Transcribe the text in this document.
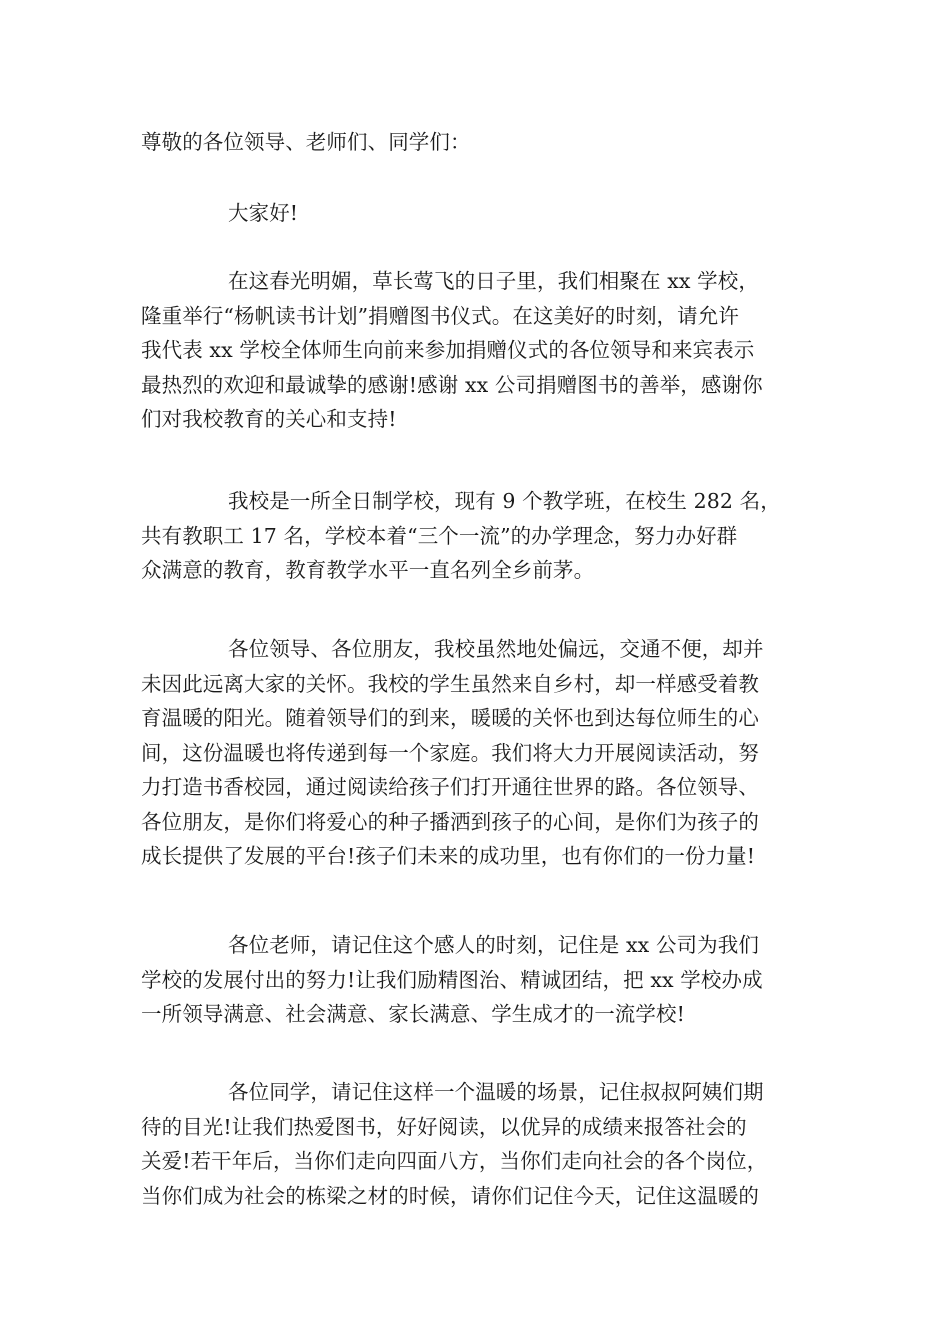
尊敬的各位领导、老师们、同学们：
大家好!
在这春光明媚，草长莺飞的日子里，我们相聚在 xx 学校，
隆重举行“杨帆读书计划”捐赠图书仪式。在这美好的时刻，请允许
我代表 xx 学校全体师生向前来参加捐赠仪式的各位领导和来宾表示
最热烈的欢迎和最诚挚的感谢!感谢 xx 公司捐赠图书的善举，感谢你
们对我校教育的关心和支持!
我校是一所全日制学校，现有 9 个教学班，在校生 282 名，
共有教职工 17 名，学校本着“三个一流”的办学理念，努力办好群
众满意的教育，教育教学水平一直名列全乡前茅。
各位领导、各位朋友，我校虽然地处偏远，交通不便，却并
未因此远离大家的关怀。我校的学生虽然来自乡村，却一样感受着教
育温暖的阳光。随着领导们的到来，暖暖的关怀也到达每位师生的心
间，这份温暖也将传递到每一个家庭。我们将大力开展阅读活动，努
力打造书香校园，通过阅读给孩子们打开通往世界的路。各位领导、
各位朋友，是你们将爱心的种子播洒到孩子的心间，是你们为孩子的
成长提供了发展的平台!孩子们未来的成功里，也有你们的一份力量!
各位老师，请记住这个感人的时刻，记住是 xx 公司为我们
学校的发展付出的努力!让我们励精图治、精诚团结，把 xx 学校办成
一所领导满意、社会满意、家长满意、学生成才的一流学校!
各位同学，请记住这样一个温暖的场景，记住叔叔阿姨们期
待的目光!让我们热爱图书，好好阅读，以优异的成绩来报答社会的
关爱!若干年后，当你们走向四面八方，当你们走向社会的各个岗位，
当你们成为社会的栋梁之材的时候，请你们记住今天，记住这温暖的
